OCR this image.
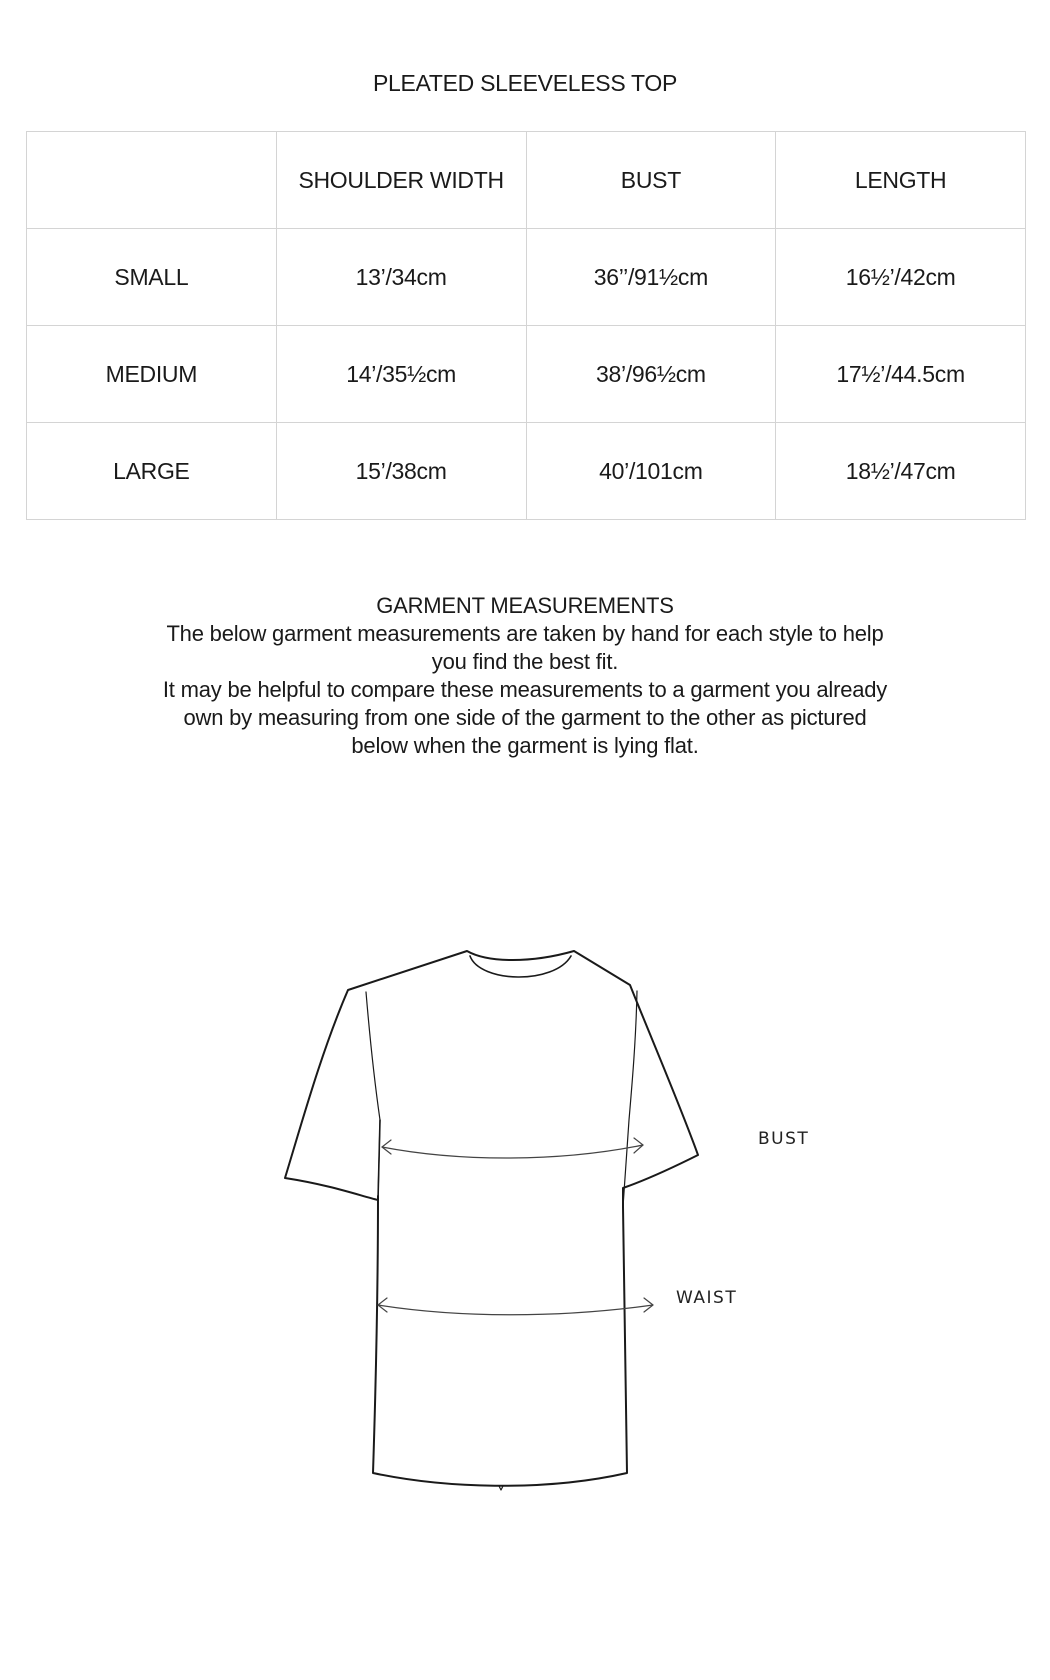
PLEATED SLEEVELESS TOP
	SHOULDER WIDTH	BUST	LENGTH
SMALL	13’/34cm	36’’/91½cm	16½’/42cm
MEDIUM	14’/35½cm	38’/96½cm	17½’/44.5cm
LARGE	15’/38cm	40’/101cm	18½’/47cm

GARMENT MEASUREMENTS

The below garment measurements are taken by hand for each style to help

you find the best fit.

It may be helpful to compare these measurements to a garment you already

own by measuring from one side of the garment to the other as pictured

below when the garment is lying flat.

BUST
WAIST
